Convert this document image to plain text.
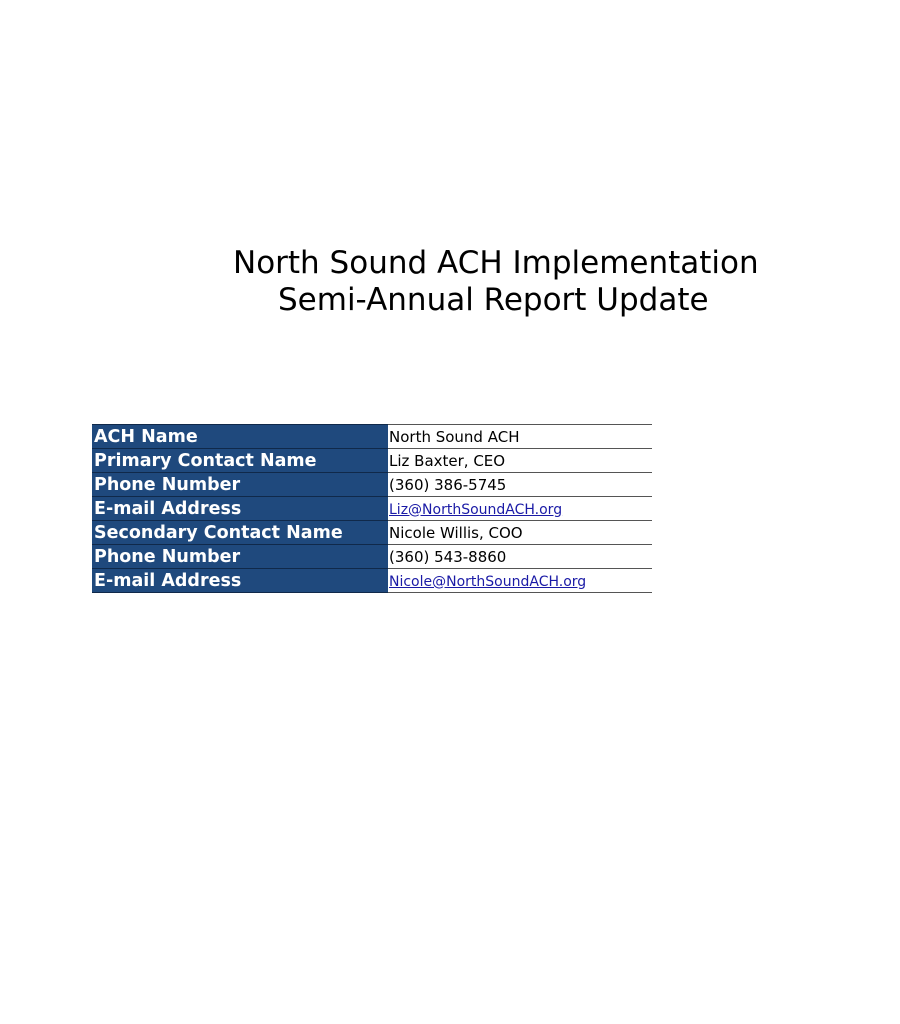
North Sound ACH Implementation
Semi-Annual Report Update
ACH Name	North Sound ACH
Primary Contact Name	Liz Baxter, CEO
Phone Number	(360) 386-5745
E-mail Address	Liz@NorthSoundACH.org
Secondary Contact Name	Nicole Willis, COO
Phone Number	(360) 543-8860
E-mail Address	Nicole@NorthSoundACH.org
